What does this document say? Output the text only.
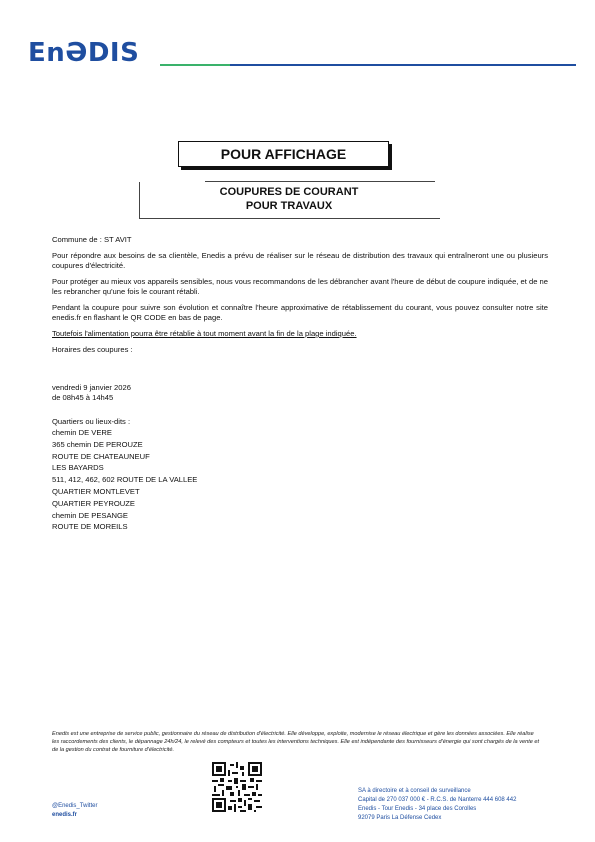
EnƏDIS
POUR AFFICHAGE
COUPURES DE COURANT
POUR TRAVAUX

Commune de : ST AVIT

Pour répondre aux besoins de sa clientèle, Enedis a prévu de réaliser sur le réseau de distribution des travaux qui entraîneront une ou plusieurs coupures d'électricité.

Pour protéger au mieux vos appareils sensibles, nous vous recommandons de les débrancher avant l'heure de début de coupure indiquée, et de ne les rebrancher qu'une fois le courant rétabli.

Pendant la coupure pour suivre son évolution et connaître l'heure approximative de rétablissement du courant, vous pouvez consulter notre site enedis.fr en flashant le QR CODE en bas de page.

Toutefois l'alimentation pourra être rétablie à tout moment avant la fin de la plage indiquée.

Horaires des coupures :

vendredi 9 janvier 2026

de 08h45 à 14h45

Quartiers ou lieux-dits :

chemin DE VERE
365 chemin DE PEROUZE
ROUTE DE CHATEAUNEUF
LES BAYARDS
511, 412, 462, 602 ROUTE DE LA VALLEE
QUARTIER MONTLEVET
QUARTIER PEYROUZE
chemin DE PESANGE
ROUTE DE MOREILS

Enedis est une entreprise de service public, gestionnaire du réseau de distribution d'électricité. Elle développe, exploite, modernise le réseau électrique et gère les données associées. Elle réalise les raccordements des clients, le dépannage 24h/24, le relevé des compteurs et toutes les interventions techniques. Elle est indépendante des fournisseurs d'énergie qui sont chargés de la vente et de la gestion du contrat de fourniture d'électricité.

@Enedis_Twitter
enedis.fr
SA à directoire et à conseil de surveillance
Capital de 270 037 000 € - R.C.S. de Nanterre 444 608 442
Enedis - Tour Enedis - 34 place des Corolles
92079 Paris La Défense Cedex
